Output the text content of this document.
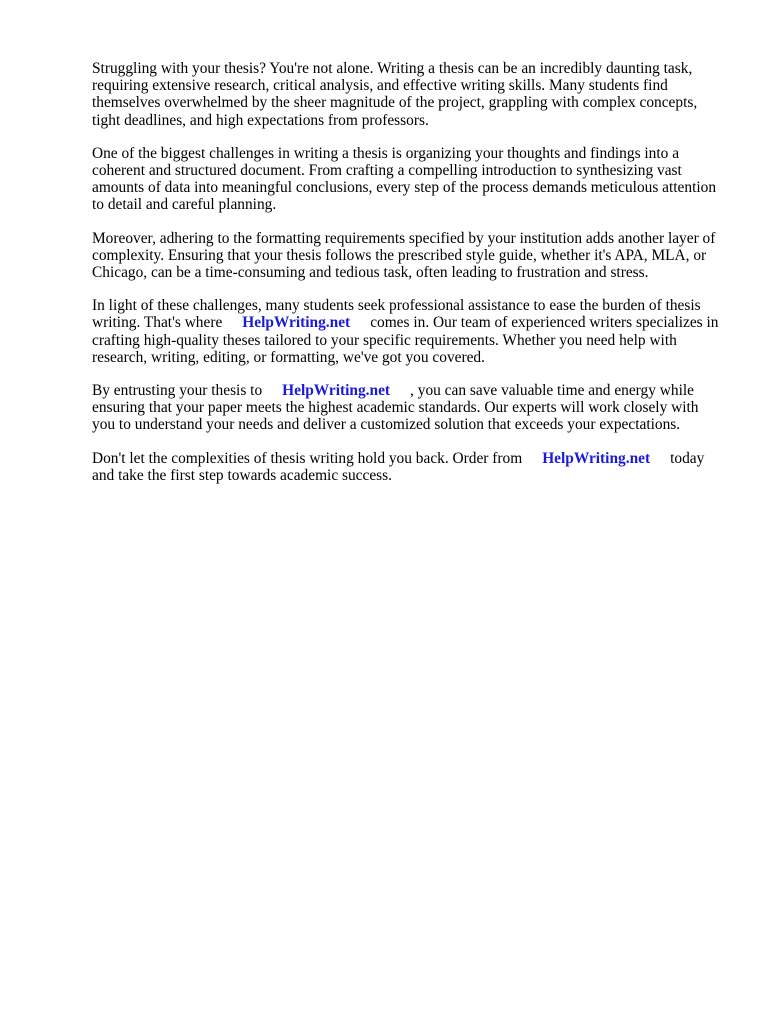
Struggling with your thesis? You're not alone. Writing a thesis can be an incredibly daunting task, requiring extensive research, critical analysis, and effective writing skills. Many students find themselves overwhelmed by the sheer magnitude of the project, grappling with complex concepts, tight deadlines, and high expectations from professors.

One of the biggest challenges in writing a thesis is organizing your thoughts and findings into a coherent and structured document. From crafting a compelling introduction to synthesizing vast amounts of data into meaningful conclusions, every step of the process demands meticulous attention to detail and careful planning.

Moreover, adhering to the formatting requirements specified by your institution adds another layer of complexity. Ensuring that your thesis follows the prescribed style guide, whether it's APA, MLA, or Chicago, can be a time-consuming and tedious task, often leading to frustration and stress.

In light of these challenges, many students seek professional assistance to ease the burden of thesis writing. That's where HelpWriting.net comes in. Our team of experienced writers specializes in crafting high-quality theses tailored to your specific requirements. Whether you need help with research, writing, editing, or formatting, we've got you covered.

By entrusting your thesis to HelpWriting.net , you can save valuable time and energy while ensuring that your paper meets the highest academic standards. Our experts will work closely with you to understand your needs and deliver a customized solution that exceeds your expectations.

Don't let the complexities of thesis writing hold you back. Order from HelpWriting.net today and take the first step towards academic success.
